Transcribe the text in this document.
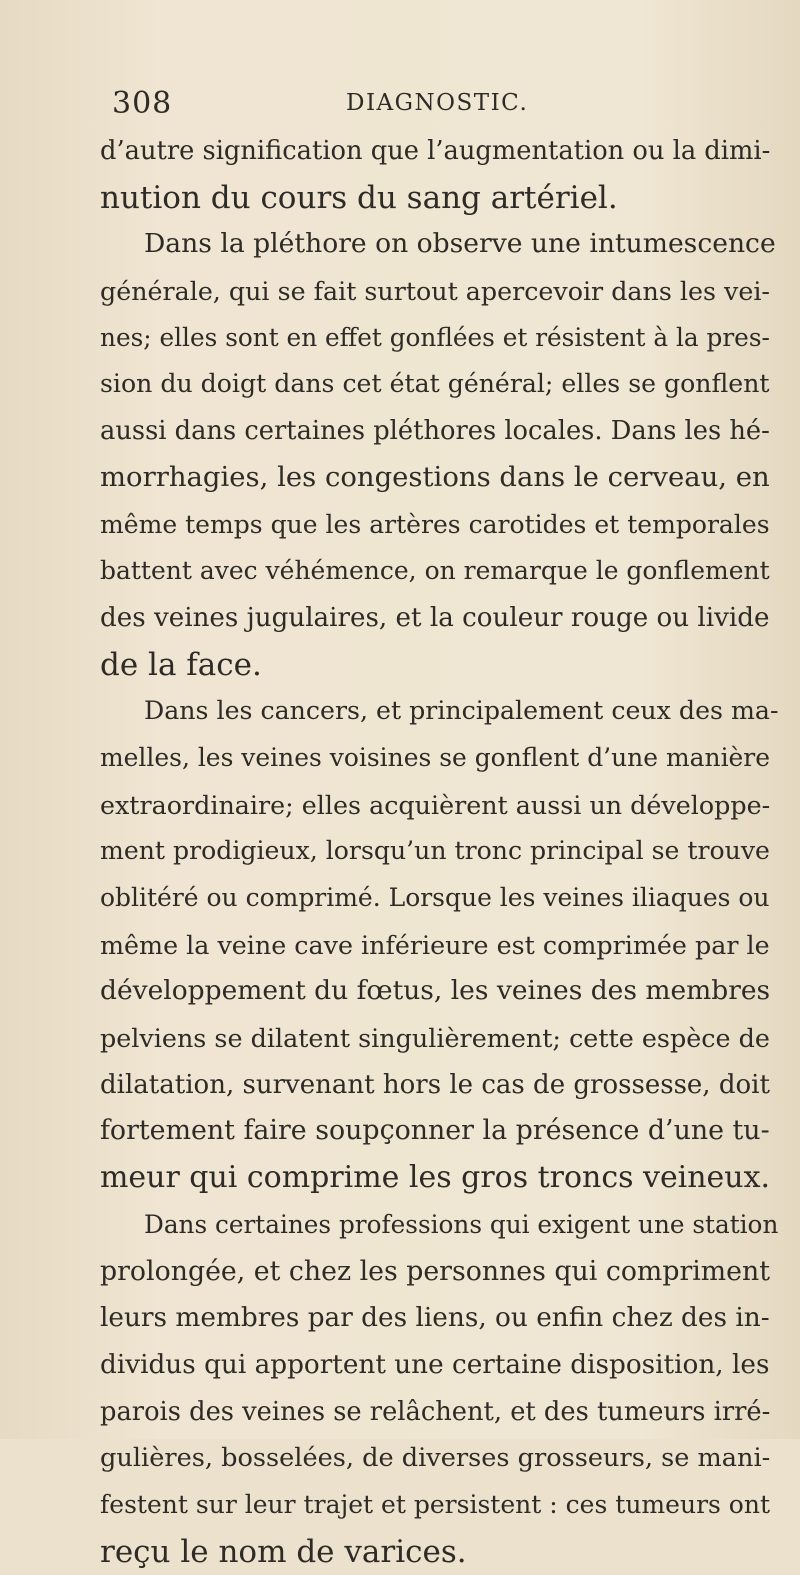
308	DIAGNOSTIC.
d’autre signification que l’augmentation ou la dimi-
nution du cours du sang artériel.
Dans la pléthore on observe une intumescence
générale, qui se fait surtout apercevoir dans les vei-
nes; elles sont en effet gonflées et résistent à la pres-
sion du doigt dans cet état général; elles se gonflent
aussi dans certaines pléthores locales. Dans les hé-
morrhagies, les congestions dans le cerveau, en
même temps que les artères carotides et temporales
battent avec véhémence, on remarque le gonflement
des veines jugulaires, et la couleur rouge ou livide
de la face.
Dans les cancers, et principalement ceux des ma-
melles, les veines voisines se gonflent d’une manière
extraordinaire; elles acquièrent aussi un développe-
ment prodigieux, lorsqu’un tronc principal se trouve
oblitéré ou comprimé. Lorsque les veines iliaques ou
même la veine cave inférieure est comprimée par le
développement du fœtus, les veines des membres
pelviens se dilatent singulièrement; cette espèce de
dilatation, survenant hors le cas de grossesse, doit
fortement faire soupçonner la présence d’une tu-
meur qui comprime les gros troncs veineux.
Dans certaines professions qui exigent une station
prolongée, et chez les personnes qui compriment
leurs membres par des liens, ou enfin chez des in-
dividus qui apportent une certaine disposition, les
parois des veines se relâchent, et des tumeurs irré-
gulières, bosselées, de diverses grosseurs, se mani-
festent sur leur trajet et persistent : ces tumeurs ont
reçu le nom de varices.
